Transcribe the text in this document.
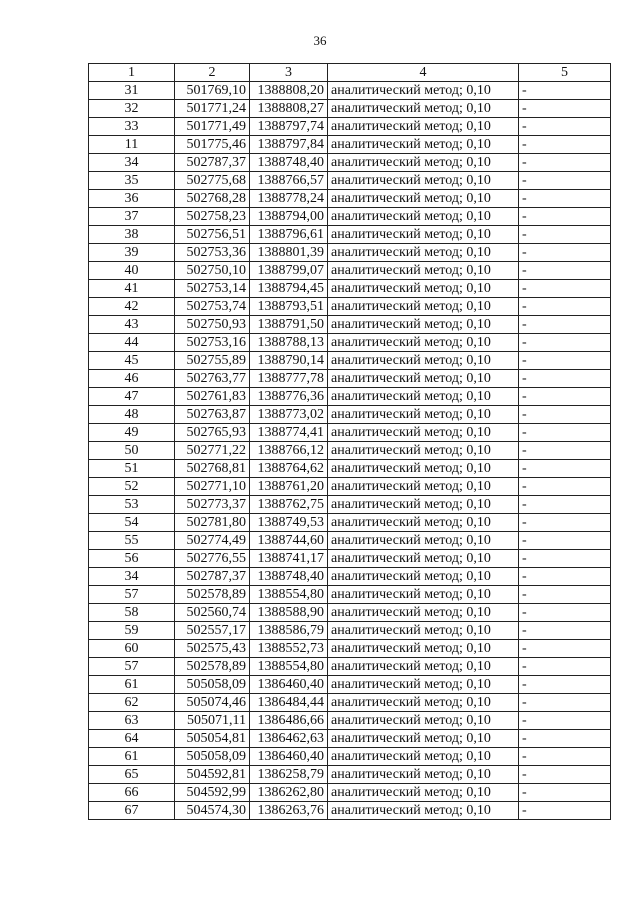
36
1	2	3	4	5
31	501769,10	1388808,20	аналитический метод; 0,10	-
32	501771,24	1388808,27	аналитический метод; 0,10	-
33	501771,49	1388797,74	аналитический метод; 0,10	-
11	501775,46	1388797,84	аналитический метод; 0,10	-
34	502787,37	1388748,40	аналитический метод; 0,10	-
35	502775,68	1388766,57	аналитический метод; 0,10	-
36	502768,28	1388778,24	аналитический метод; 0,10	-
37	502758,23	1388794,00	аналитический метод; 0,10	-
38	502756,51	1388796,61	аналитический метод; 0,10	-
39	502753,36	1388801,39	аналитический метод; 0,10	-
40	502750,10	1388799,07	аналитический метод; 0,10	-
41	502753,14	1388794,45	аналитический метод; 0,10	-
42	502753,74	1388793,51	аналитический метод; 0,10	-
43	502750,93	1388791,50	аналитический метод; 0,10	-
44	502753,16	1388788,13	аналитический метод; 0,10	-
45	502755,89	1388790,14	аналитический метод; 0,10	-
46	502763,77	1388777,78	аналитический метод; 0,10	-
47	502761,83	1388776,36	аналитический метод; 0,10	-
48	502763,87	1388773,02	аналитический метод; 0,10	-
49	502765,93	1388774,41	аналитический метод; 0,10	-
50	502771,22	1388766,12	аналитический метод; 0,10	-
51	502768,81	1388764,62	аналитический метод; 0,10	-
52	502771,10	1388761,20	аналитический метод; 0,10	-
53	502773,37	1388762,75	аналитический метод; 0,10	-
54	502781,80	1388749,53	аналитический метод; 0,10	-
55	502774,49	1388744,60	аналитический метод; 0,10	-
56	502776,55	1388741,17	аналитический метод; 0,10	-
34	502787,37	1388748,40	аналитический метод; 0,10	-
57	502578,89	1388554,80	аналитический метод; 0,10	-
58	502560,74	1388588,90	аналитический метод; 0,10	-
59	502557,17	1388586,79	аналитический метод; 0,10	-
60	502575,43	1388552,73	аналитический метод; 0,10	-
57	502578,89	1388554,80	аналитический метод; 0,10	-
61	505058,09	1386460,40	аналитический метод; 0,10	-
62	505074,46	1386484,44	аналитический метод; 0,10	-
63	505071,11	1386486,66	аналитический метод; 0,10	-
64	505054,81	1386462,63	аналитический метод; 0,10	-
61	505058,09	1386460,40	аналитический метод; 0,10	-
65	504592,81	1386258,79	аналитический метод; 0,10	-
66	504592,99	1386262,80	аналитический метод; 0,10	-
67	504574,30	1386263,76	аналитический метод; 0,10	-
